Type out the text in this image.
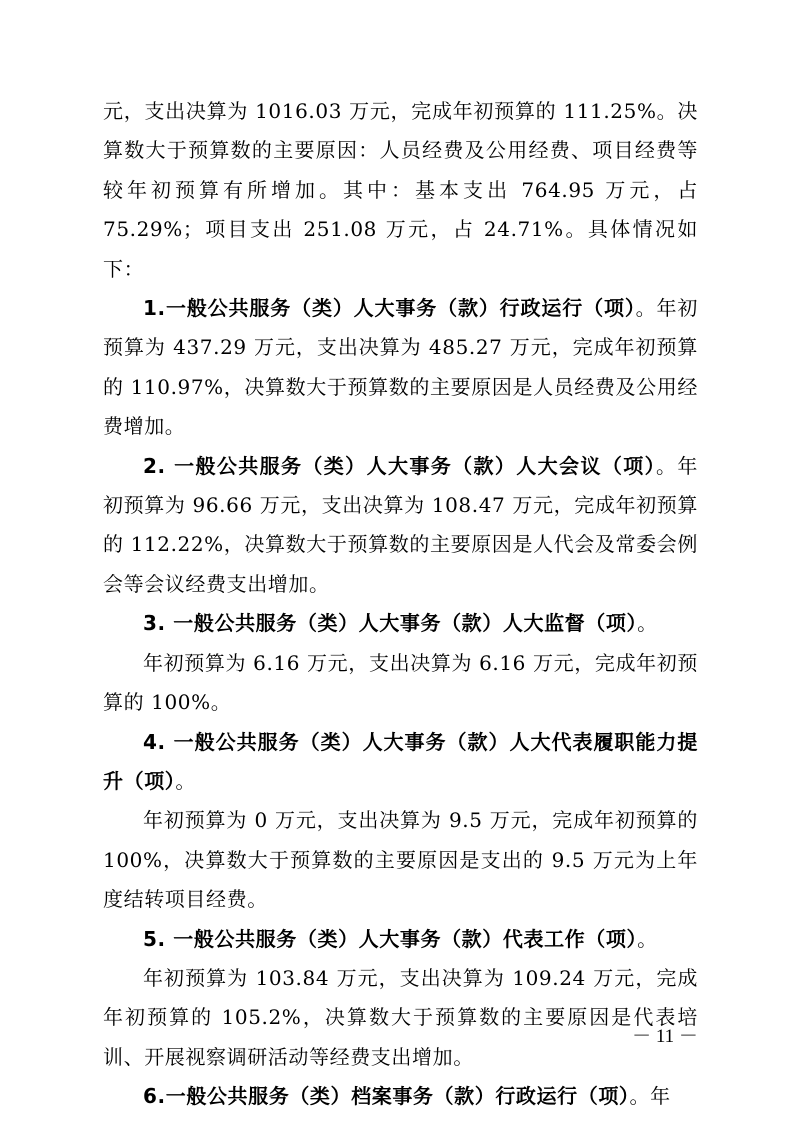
元，支出决算为 1016.03 万元，完成年初预算的 111.25%。决算数大于预算数的主要原因：人员经费及公用经费、项目经费等较年初预算有所增加。其中：基本支出 764.95 万元，占 75.29%；项目支出 251.08 万元，占 24.71%。具体情况如下：

1.一般公共服务（类）人大事务（款）行政运行（项）。年初预算为 437.29 万元，支出决算为 485.27 万元，完成年初预算的 110.97%，决算数大于预算数的主要原因是人员经费及公用经费增加。

2. 一般公共服务（类）人大事务（款）人大会议（项）。年初预算为 96.66 万元，支出决算为 108.47 万元，完成年初预算的 112.22%，决算数大于预算数的主要原因是人代会及常委会例会等会议经费支出增加。

3. 一般公共服务（类）人大事务（款）人大监督（项）。

年初预算为 6.16 万元，支出决算为 6.16 万元，完成年初预算的 100%。

4. 一般公共服务（类）人大事务（款）人大代表履职能力提升（项）。

年初预算为 0 万元，支出决算为 9.5 万元，完成年初预算的 100%，决算数大于预算数的主要原因是支出的 9.5 万元为上年度结转项目经费。

5. 一般公共服务（类）人大事务（款）代表工作（项）。

年初预算为 103.84 万元，支出决算为 109.24 万元，完成年初预算的 105.2%，决算数大于预算数的主要原因是代表培训、开展视察调研活动等经费支出增加。

6.一般公共服务（类）档案事务（款）行政运行（项）。年

－ 11 －
